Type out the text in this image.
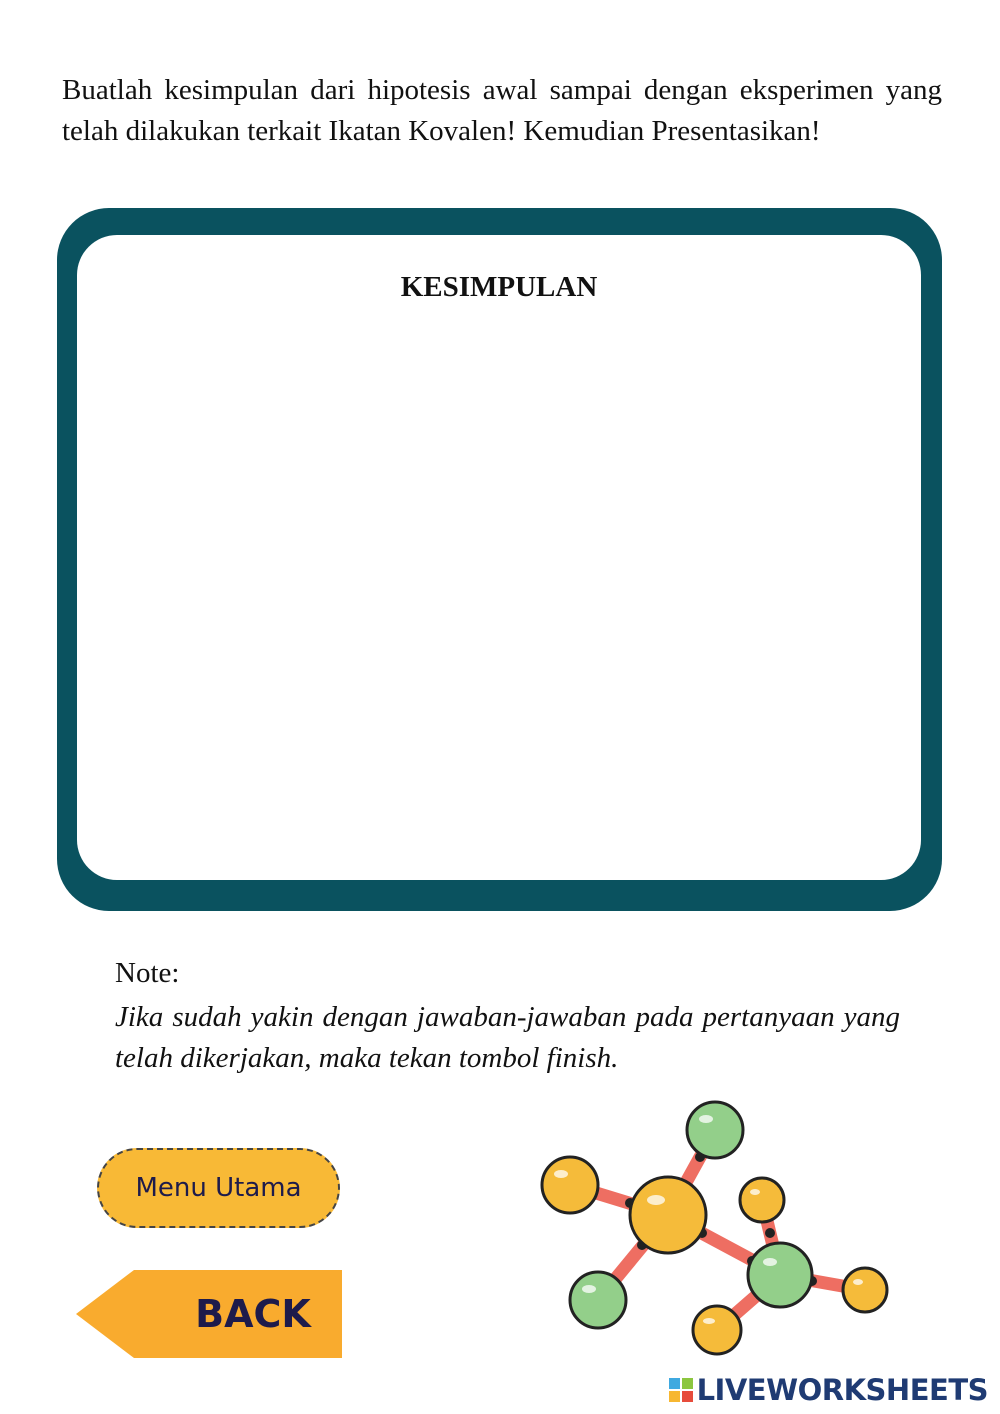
Buatlah kesimpulan dari hipotesis awal sampai dengan eksperimen yang telah dilakukan terkait Ikatan Kovalen! Kemudian Presentasikan!
KESIMPULAN
Note:
Jika sudah yakin dengan jawaban-jawaban pada pertanyaan yang telah dikerjakan, maka tekan tombol finish.
Menu Utama
BACK
LIVEWORKSHEETS
